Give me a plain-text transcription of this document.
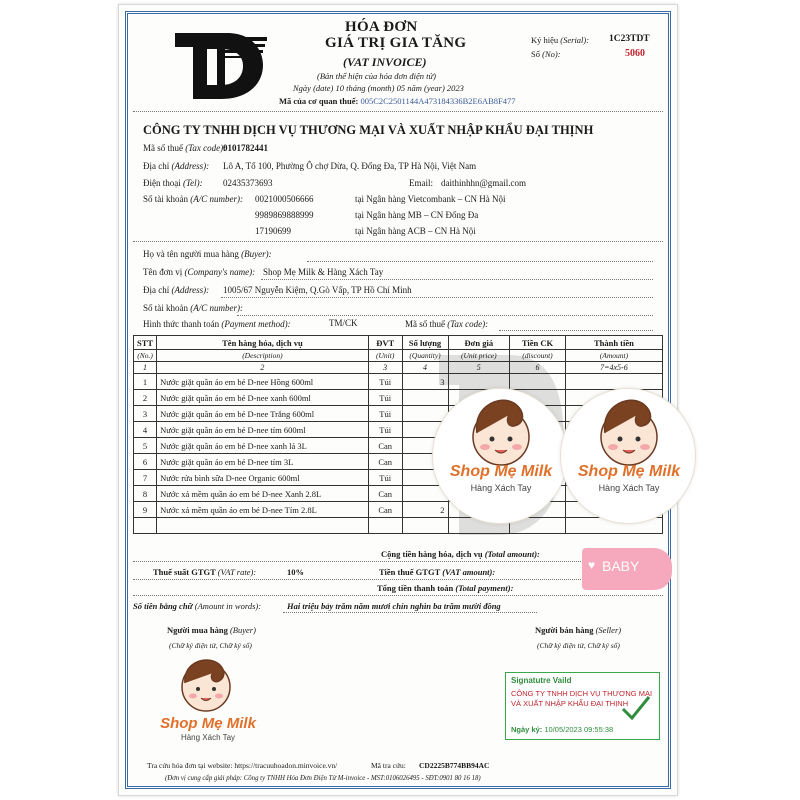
HÓA ĐƠN
GIÁ TRỊ GIA TĂNG
(VAT INVOICE)
(Bản thể hiện của hóa đơn điện tử)
Ngày (date) 10 tháng (month) 05 năm (year) 2023
Mã của cơ quan thuế: 005C2C2501144A473184336B2E6AB8F477
Ký hiệu (Serial): 1C23TDT
Số (No):	5060
CÔNG TY TNHH DỊCH VỤ THƯƠNG MẠI VÀ XUẤT NHẬP KHẨU ĐẠI THỊNH
Mã số thuế (Tax code):
0101782441
Địa chỉ (Address): Lô A, Tổ 100, Phường Ô chợ Dừa, Q. Đống Đa, TP Hà Nội, Việt Nam
Điện thoại (Tel): 02435373693	Email: daithinhhn@gmail.com
Số tài khoản (A/C number): 0021000506666	tại Ngân hàng Vietcombank – CN Hà Nội
9989869888999	tại Ngân hàng MB – CN Đống Đa
17190699	tại Ngân hàng ACB – CN Hà Nội
Họ và tên người mua hàng (Buyer):
Tên đơn vị (Company's name): Shop Mẹ Milk & Hàng Xách Tay
Địa chỉ (Address): 1005/67 Nguyễn Kiệm, Q.Gò Vấp, TP Hồ Chí Minh
Số tài khoản (A/C number):
Hình thức thanh toán (Payment method):	TM/CK	Mã số thuế (Tax code):
STT	Tên hàng hóa, dịch vụ	ĐVT	Số lượng	Đơn giá	Tiền CK	Thành tiền
(No.)	(Description)	(Unit)	(Quantity)	(Unit price)	(discount)	(Amount)
1	2	3	4	5	6	7=4x5-6
1	Nước giặt quần áo em bé D-nee Hồng 600ml	Túi	3			
2	Nước giặt quần áo em bé D-nee xanh 600ml	Túi				
3	Nước giặt quần áo em bé D-nee Trắng 600ml	Túi				
4	Nước giặt quần áo em bé D-nee tím 600ml	Túi				
5	Nước giặt quần áo em bé D-nee xanh lá 3L	Can				
6	Nước giặt quần áo em bé D-nee tím 3L	Can				
7	Nước rửa bình sữa D-nee Organic 600ml	Túi				
8	Nước xả mềm quần áo em bé D-nee Xanh 2.8L	Can				
9	Nước xả mềm quần áo em bé D-nee Tím 2.8L	Can	2			

Cộng tiền hàng hóa, dịch vụ (Total amount):
Thuế suất GTGT (VAT rate):	10%	Tiền thuế GTGT (VAT amount):
Tổng tiền thanh toán (Total payment):
Số tiền bằng chữ (Amount in words):	Hai triệu bảy trăm năm mươi chín nghìn ba trăm mười đồng
Người mua hàng (Buyer)
(Chữ ký điện tử, Chữ ký số)
Người bán hàng (Seller)
(Chữ ký điện tử, Chữ ký số)
Shop Mẹ Milk
Hàng Xách Tay
Tra cứu hóa đơn tại website: https://tracuuhoadon.minvoice.vn/	Mã tra cứu: CD2225B774BB94AC
(Đơn vị cung cấp giải pháp: Công ty TNHH Hóa Đơn Điện Tử M-invoice - MST:0106026495 - SĐT:0901 80 16 18)
Signatutre Vaild
CÔNG TY TNHH DỊCH VỤ THƯƠNG MẠI VÀ XUẤT NHẬP KHẨU ĐẠI THỊNH
Ngày ký: 10/05/2023 09:55:38
Shop Mẹ Milk
Hàng Xách Tay
Shop Mẹ Milk
Hàng Xách Tay
♥ BABY
